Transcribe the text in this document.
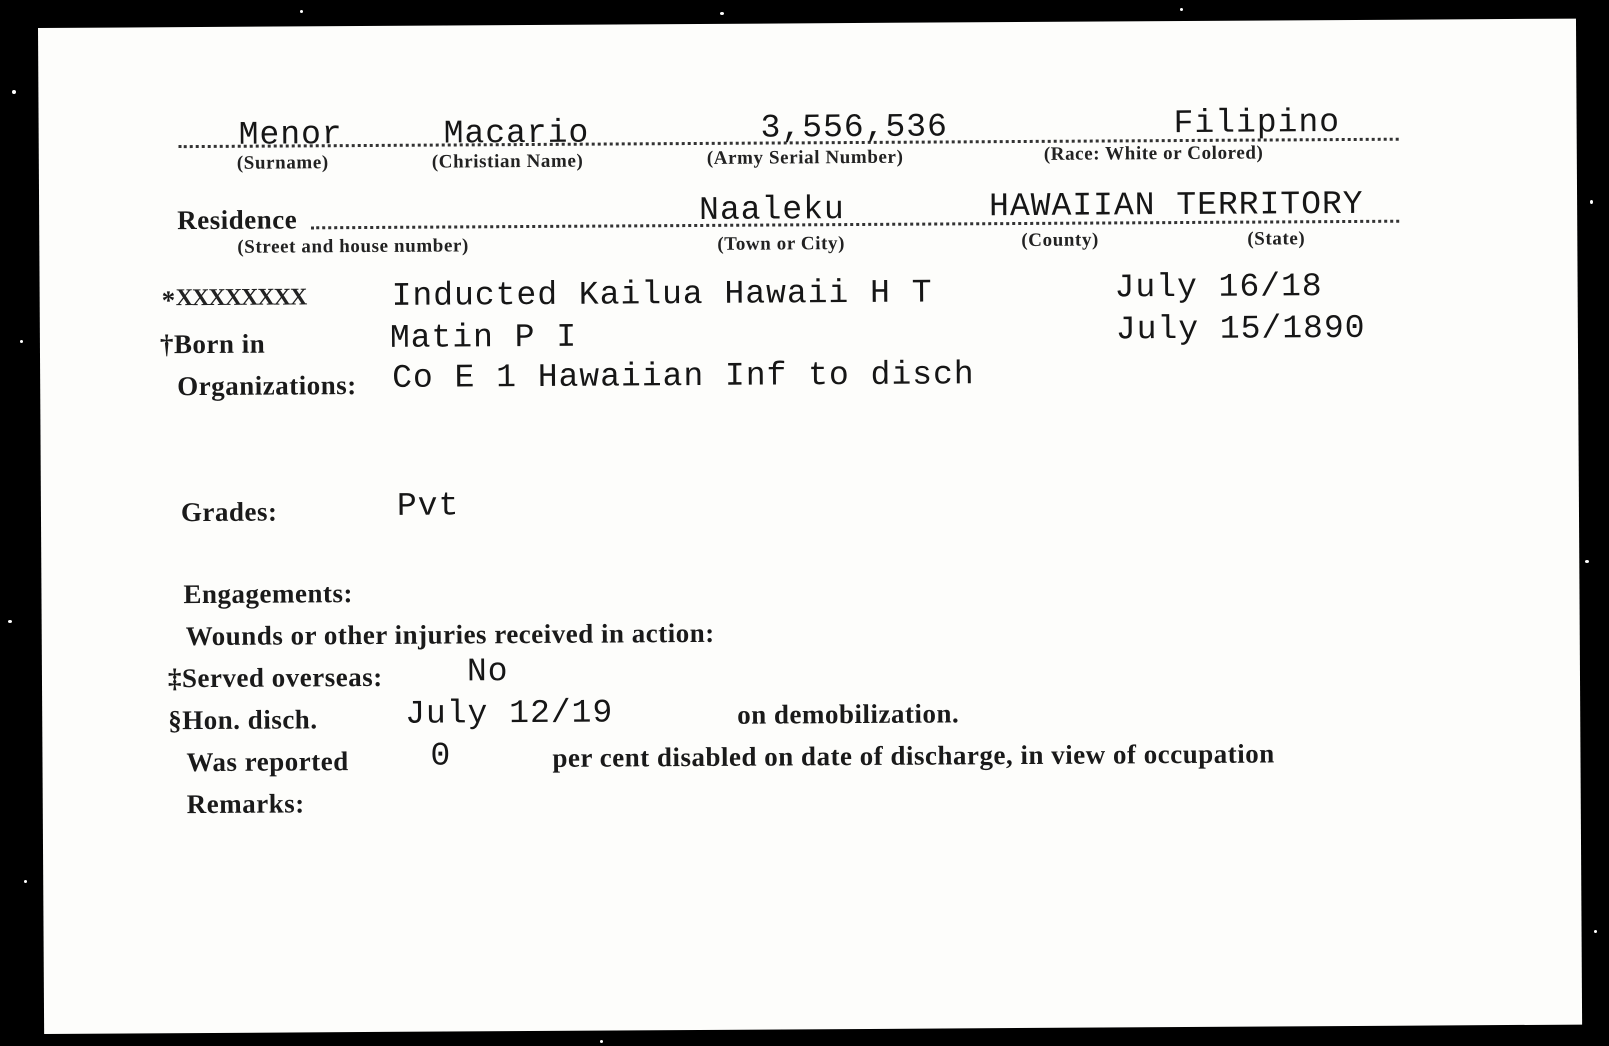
Menor	Macario	3,556,536	Filipino
(Surname)	(Christian Name)	(Army Serial Number)	(Race: White or Colored)
Residence	Naaleku	HAWAIIAN TERRITORY
(Street and house number)	(Town or City)	(County)	(State)
* XXXXXXXX	Inducted Kailua Hawaii H T	July 16/18
†Born in	Matin P I	July 15/1890
Organizations: Co E 1 Hawaiian Inf to disch
Grades:	Pvt
Engagements:
Wounds or other injuries received in action:
‡Served overseas:	No
§Hon. disch.	July 12/19	on demobilization.
Was reported 0	per cent disabled on date of discharge, in view of occupation
Remarks:
